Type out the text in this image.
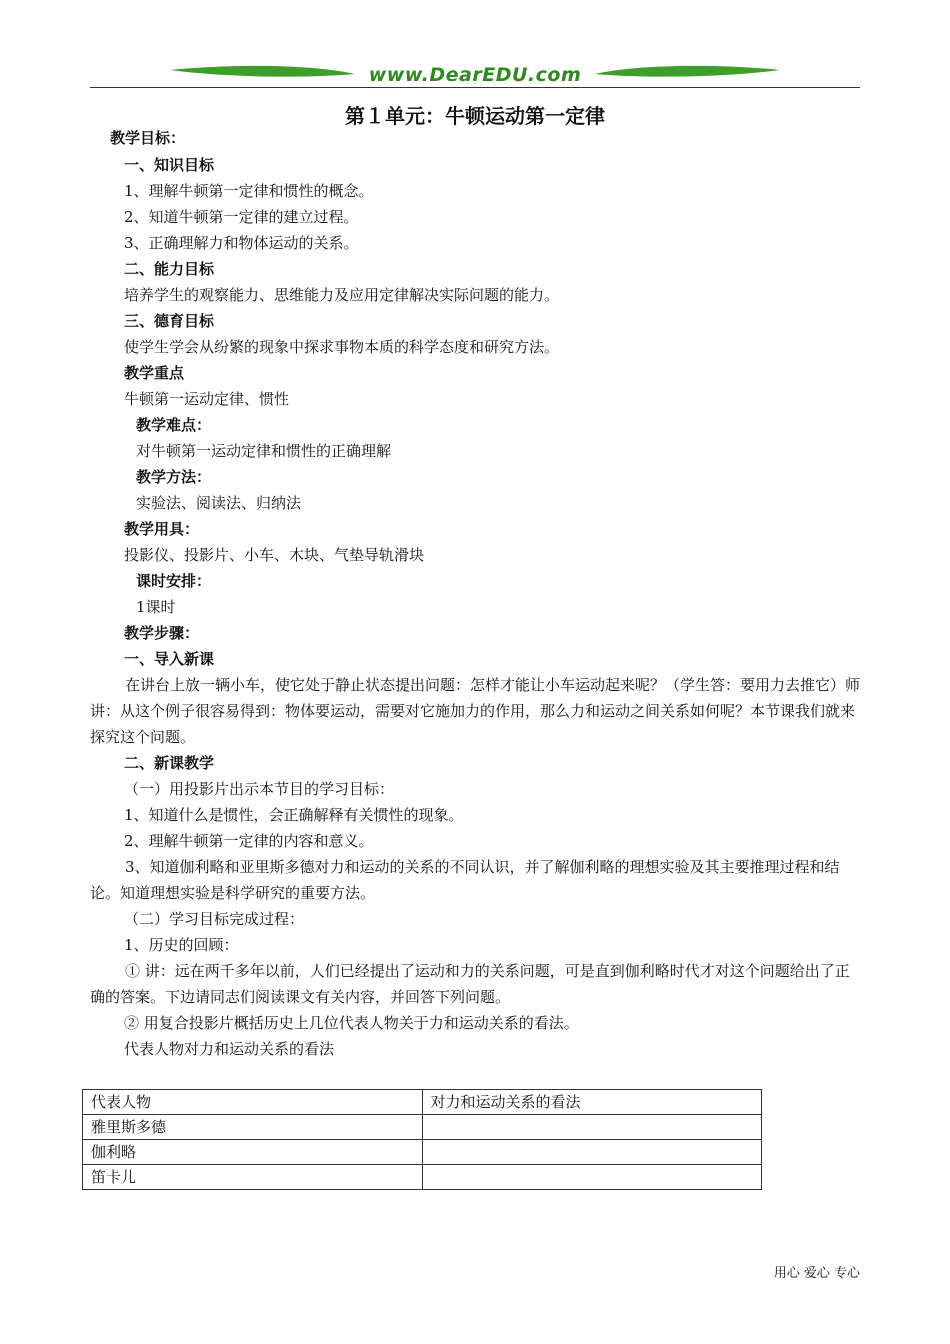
www.DearEDU.com
第１单元：牛顿运动第一定律
教学目标：
一、知识目标
1、理解牛顿第一定律和惯性的概念。
2、知道牛顿第一定律的建立过程。
3、正确理解力和物体运动的关系。
二、能力目标
培养学生的观察能力、思维能力及应用定律解决实际问题的能力。
三、德育目标
使学生学会从纷繁的现象中探求事物本质的科学态度和研究方法。
教学重点
牛顿第一运动定律、惯性
教学难点：
对牛顿第一运动定律和惯性的正确理解
教学方法：
实验法、阅读法、归纳法
教学用具：
投影仪、投影片、小车、木块、气垫导轨滑块
课时安排：
1课时
教学步骤：
一、导入新课
在讲台上放一辆小车，使它处于静止状态提出问题：怎样才能让小车运动起来呢？（学生答：要用力去推它）师讲：从这个例子很容易得到：物体要运动，需要对它施加力的作用，那么力和运动之间关系如何呢？本节课我们就来探究这个问题。
二、新课教学
（一）用投影片出示本节目的学习目标：
1、知道什么是惯性，会正确解释有关惯性的现象。
2、理解牛顿第一定律的内容和意义。
3、知道伽利略和亚里斯多德对力和运动的关系的不同认识，并了解伽利略的理想实验及其主要推理过程和结论。知道理想实验是科学研究的重要方法。
（二）学习目标完成过程：
1、历史的回顾：
① 讲：远在两千多年以前，人们已经提出了运动和力的关系问题，可是直到伽利略时代才对这个问题给出了正确的答案。下边请同志们阅读课文有关内容，并回答下列问题。
② 用复合投影片概括历史上几位代表人物关于力和运动关系的看法。
代表人物对力和运动关系的看法
代表人物	对力和运动关系的看法
雅里斯多德	
伽利略	
笛卡儿	
用心 爱心 专心
